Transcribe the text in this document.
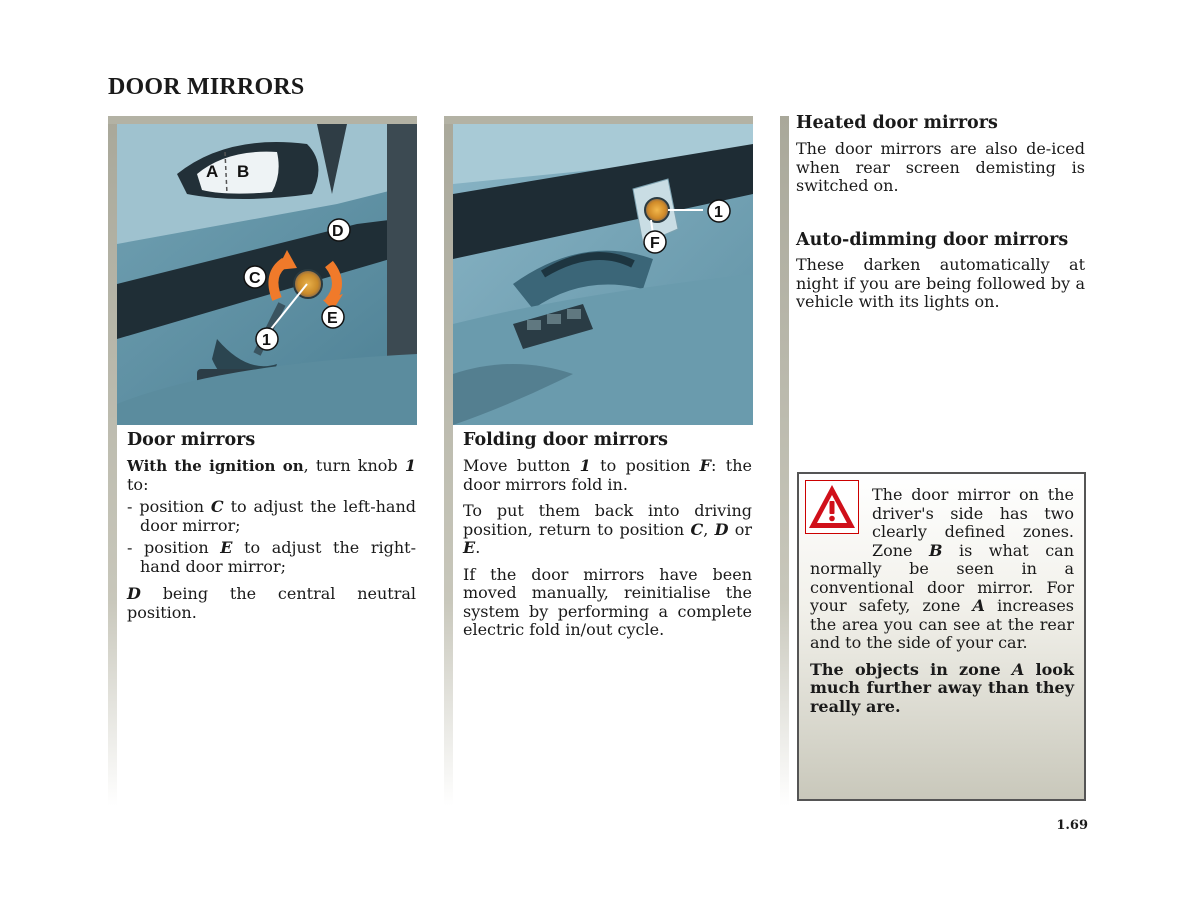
DOOR MIRRORS
A B
D
C
E
1
1
F
Door mirrors

With the ignition on, turn knob 1 to:

- position C to adjust the left-hand door mirror;

- position E to adjust the right-hand door mirror;

D being the central neutral position.

Folding door mirrors

Move button 1 to position F: the door mirrors fold in.

To put them back into driving position, return to position C, D or E.

If the door mirrors have been moved manually, reinitialise the system by performing a complete electric fold in/out cycle.

Heated door mirrors
The door mirrors are also de-iced when rear screen demisting is switched on.
Auto-dimming door mirrors
These darken automatically at night if you are being followed by a vehicle with its lights on.

The door mirror on the driver's side has two clearly defined zones. Zone B is what can normally be seen in a conventional door mirror. For your safety, zone A increases the area you can see at the rear and to the side of your car.

The objects in zone A look much further away than they really are.

1.69
